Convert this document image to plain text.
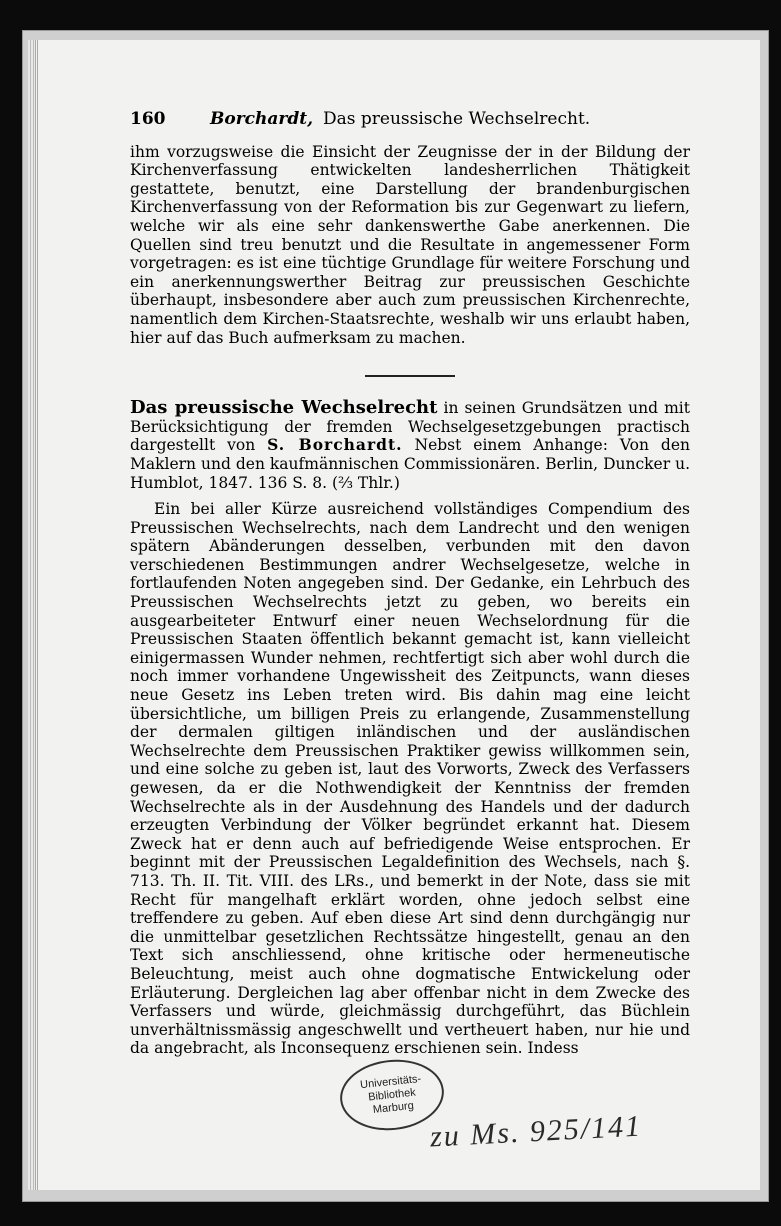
160	Borchardt, Das preussische Wechselrecht.

ihm vorzugsweise die Einsicht der Zeugnisse der in der Bildung der Kirchenverfassung entwickelten landesherrlichen Thätigkeit gestattete, benutzt, eine Darstellung der brandenburgischen Kirchenverfassung von der Reformation bis zur Gegenwart zu liefern, welche wir als eine sehr dankenswerthe Gabe anerkennen. Die Quellen sind treu benutzt und die Resultate in angemessener Form vorgetragen: es ist eine tüchtige Grundlage für weitere Forschung und ein anerkennungswerther Beitrag zur preussischen Geschichte überhaupt, insbesondere aber auch zum preussischen Kirchenrechte, namentlich dem Kirchen-Staatsrechte, weshalb wir uns erlaubt haben, hier auf das Buch aufmerksam zu machen.

Das preussische Wechselrecht in seinen Grundsätzen und mit Berücksichtigung der fremden Wechselgesetzgebungen practisch dargestellt von S. Borchardt. Nebst einem Anhange: Von den Maklern und den kaufmännischen Commissionären. Berlin, Duncker u. Humblot, 1847. 136 S. 8. (⅔ Thlr.)

Ein bei aller Kürze ausreichend vollständiges Compendium des Preussischen Wechselrechts, nach dem Landrecht und den wenigen spätern Abänderungen desselben, verbunden mit den davon verschiedenen Bestimmungen andrer Wechselgesetze, welche in fortlaufenden Noten angegeben sind. Der Gedanke, ein Lehrbuch des Preussischen Wechselrechts jetzt zu geben, wo bereits ein ausgearbeiteter Entwurf einer neuen Wechselordnung für die Preussischen Staaten öffentlich bekannt gemacht ist, kann vielleicht einigermassen Wunder nehmen, rechtfertigt sich aber wohl durch die noch immer vorhandene Ungewissheit des Zeitpuncts, wann dieses neue Gesetz ins Leben treten wird. Bis dahin mag eine leicht übersichtliche, um billigen Preis zu erlangende, Zusammenstellung der dermalen giltigen inländischen und der ausländischen Wechselrechte dem Preussischen Praktiker gewiss willkommen sein, und eine solche zu geben ist, laut des Vorworts, Zweck des Verfassers gewesen, da er die Nothwendigkeit der Kenntniss der fremden Wechselrechte als in der Ausdehnung des Handels und der dadurch erzeugten Verbindung der Völker begründet erkannt hat. Diesem Zweck hat er denn auch auf befriedigende Weise entsprochen. Er beginnt mit der Preussischen Legaldefinition des Wechsels, nach §. 713. Th. II. Tit. VIII. des LRs., und bemerkt in der Note, dass sie mit Recht für mangelhaft erklärt worden, ohne jedoch selbst eine treffendere zu geben. Auf eben diese Art sind denn durchgängig nur die unmittelbar gesetzlichen Rechtssätze hingestellt, genau an den Text sich anschliessend, ohne kritische oder hermeneutische Beleuchtung, meist auch ohne dogmatische Entwickelung oder Erläuterung. Dergleichen lag aber offenbar nicht in dem Zwecke des Verfassers und würde, gleichmässig durchgeführt, das Büchlein unverhältnissmässig angeschwellt und vertheuert haben, nur hie und da angebracht, als Inconsequenz erschienen sein. Indess

Universitäts-
Bibliothek
Marburg
zu Ms. 925/141
